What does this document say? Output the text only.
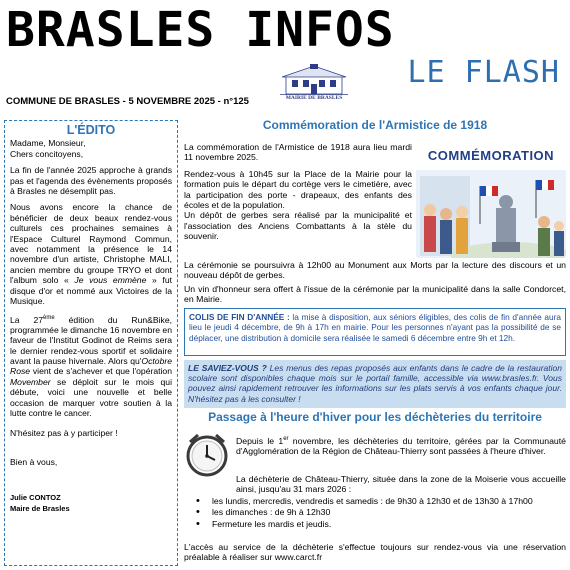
BRASLES INFOS
LE FLASH
MAIRIE DE BRASLES
COMMUNE DE BRASLES - 5 NOVEMBRE 2025 - n°125
L'ÉDITO

Madame, Monsieur,
Chers concitoyens,

La fin de l'année 2025 approche à grands pas et l'agenda des évènements proposés à Brasles ne désemplit pas.

Nous avons encore la chance de bénéficier de deux beaux rendez-vous culturels ces prochaines semaines à l'Espace Culturel Raymond Commun, avec notamment la présence le 14 novembre d'un artiste, Christophe MALI, ancien membre du groupe TRYO et dont l'album solo « Je vous emmène » fut disque d'or et nommé aux Victoires de la Musique.

La 27ème édition du Run&Bike, programmée le dimanche 16 novembre en faveur de l'Institut Godinot de Reims sera le dernier rendez-vous sportif et solidaire avant la pause hivernale. Alors qu'Octobre Rose vient de s'achever et que l'opération Movember se déploit sur le mois qui débute, voici une nouvelle et belle occasion de marquer votre soutien à la lutte contre le cancer.

N'hésitez pas à y participer !

Bien à vous,

Julie CONTOZ

Maire de Brasles

Commémoration de l'Armistice de 1918

La commémoration de l'Armistice de 1918 aura lieu mardi 11 novembre 2025.

Rendez-vous à 10h45 sur la Place de la Mairie pour la formation puis le départ du cortège vers le cimetière, avec la participation des porte - drapeaux, des enfants des écoles et de la population.

Un dépôt de gerbes sera réalisé par la municipalité et l'association des Anciens Combattants à la stèle du souvenir.

COMMÉMORATION

La cérémonie se poursuivra à 12h00 au Monument aux Morts par la lecture des discours et un nouveau dépôt de gerbes.

Un vin d'honneur sera offert à l'issue de la cérémonie par la municipalité dans la salle Condorcet, en Mairie.

COLIS DE FIN D'ANNÉE : la mise à disposition, aux séniors éligibles, des colis de fin d'année aura lieu le jeudi 4 décembre, de 9h à 17h en mairie. Pour les personnes n'ayant pas la possibilité de se déplacer, une distribution à domicile sera réalisée le samedi 6 décembre entre 9h et 12h.
LE SAVIEZ-VOUS ? Les menus des repas proposés aux enfants dans le cadre de la restauration scolaire sont disponibles chaque mois sur le portail famille, accessible via www.brasles.fr. Vous pouvez ainsi rapidement retrouver les informations sur les plats servis à vos enfants chaque jour. N'hésitez pas à les consulter !
Passage à l'heure d'hiver pour les déchèteries du territoire

Depuis le 1er novembre, les déchèteries du territoire, gérées par la Communauté d'Agglomération de la Région de Château-Thierry sont passées à l'heure d'hiver.

La déchèterie de Château-Thierry, située dans la zone de la Moiserie vous accueille ainsi, jusqu'au 31 mars 2026 :

• les lundis, mercredis, vendredis et samedis : de 9h30 à 12h30 et de 13h30 à 17h00
• les dimanches : de 9h à 12h30
• Fermeture les mardis et jeudis.

L'accès au service de la déchèterie s'effectue toujours sur rendez-vous via une réservation préalable à réaliser sur www.carct.fr
